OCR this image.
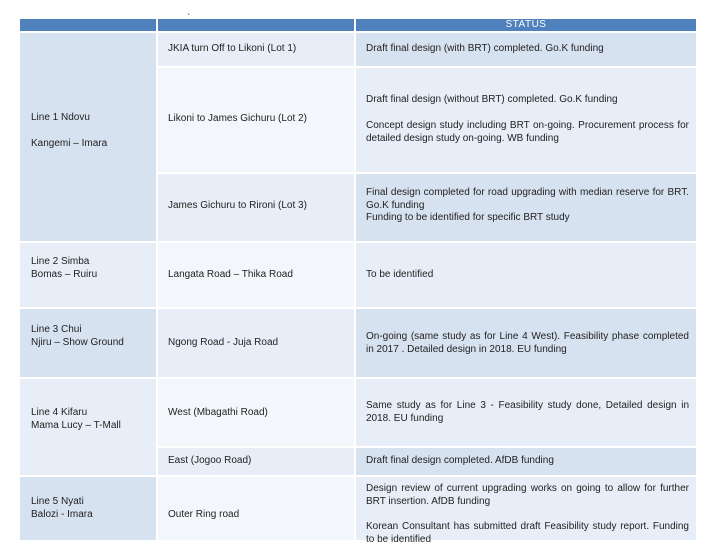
`
STATUS
Line 1 Ndovu
Kangemi – Imara
Line 2 Simba
Bomas – Ruiru
Line 3 Chui
Njiru – Show Ground
Line 4 Kifaru
Mama Lucy – T-Mall
Line 5 Nyati
Balozi - Imara
JKIA turn Off to Likoni (Lot 1)
Likoni to James Gichuru (Lot 2)
James Gichuru to Rironi (Lot 3)
Langata Road – Thika Road
Ngong Road - Juja Road
West (Mbagathi Road)
East (Jogoo Road)
Outer Ring road
Draft final design (with BRT) completed. Go.K funding
Draft final design (without BRT) completed. Go.K funding
Concept design study including BRT on-going. Procurement process for detailed design study on-going. WB funding
Final design completed for road upgrading with median reserve for BRT. Go.K funding
Funding to be identified for specific BRT study
To be identified
On-going (same study as for Line 4 West). Feasibility phase completed in 2017 . Detailed design in 2018. EU funding
Same study as for Line 3 - Feasibility study done, Detailed design in 2018. EU funding
Draft final design completed. AfDB funding
Design review of current upgrading works on going to allow for further BRT insertion. AfDB funding
Korean Consultant has submitted draft Feasibility study report. Funding to be identified
